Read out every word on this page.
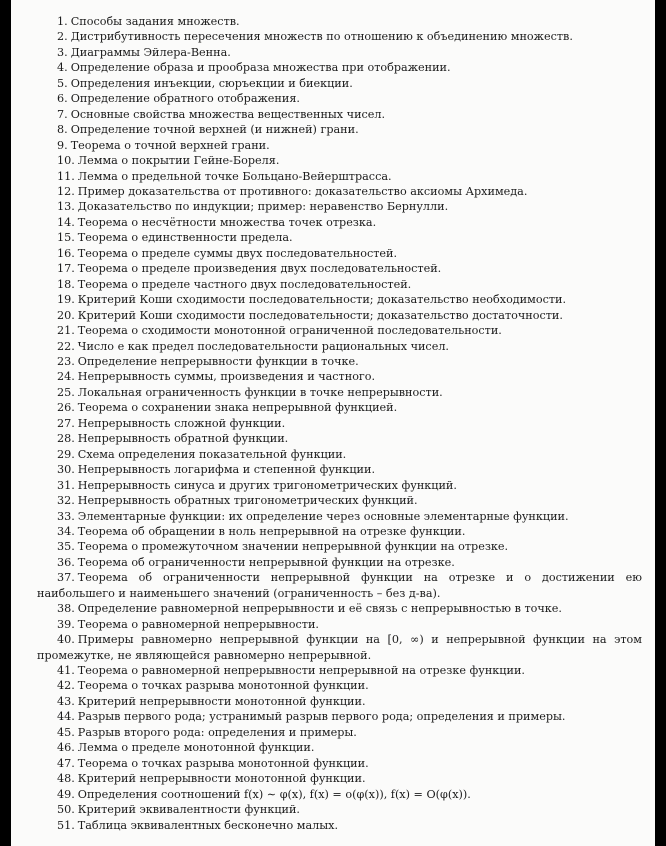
1. Способы задания множеств.

2. Дистрибутивность пересечения множеств по отношению к объединению множеств.

3. Диаграммы Эйлера-Венна.

4. Определение образа и прообраза множества при отображении.

5. Определения инъекции, сюръекции и биекции.

6. Определение обратного отображения.

7. Основные свойства множества вещественных чисел.

8. Определение точной верхней (и нижней) грани.

9. Теорема о точной верхней грани.

10. Лемма о покрытии Гейне-Бореля.

11. Лемма о предельной точке Больцано-Вейерштрасса.

12. Пример доказательства от противного: доказательство аксиомы Архимеда.

13. Доказательство по индукции; пример: неравенство Бернулли.

14. Теорема о несчётности множества точек отрезка.

15. Теорема о единственности предела.

16. Теорема о пределе суммы двух последовательностей.

17. Теорема о пределе произведения двух последовательностей.

18. Теорема о пределе частного двух последовательностей.

19. Критерий Коши сходимости последовательности; доказательство необходимости.

20. Критерий Коши сходимости последовательности; доказательство достаточности.

21. Теорема о сходимости монотонной ограниченной последовательности.

22. Число e как предел последовательности рациональных чисел.

23. Определение непрерывности функции в точке.

24. Непрерывность суммы, произведения и частного.

25. Локальная ограниченность функции в точке непрерывности.

26. Теорема о сохранении знака непрерывной функцией.

27. Непрерывность сложной функции.

28. Непрерывность обратной функции.

29. Схема определения показательной функции.

30. Непрерывность логарифма и степенной функции.

31. Непрерывность синуса и других тригонометрических функций.

32. Непрерывность обратных тригонометрических функций.

33. Элементарные функции: их определение через основные элементарные функции.

34. Теорема об обращении в ноль непрерывной на отрезке функции.

35. Теорема о промежуточном значении непрерывной функции на отрезке.

36. Теорема об ограниченности непрерывной функции на отрезке.

37. Теорема об ограниченности непрерывной функции на отрезке и о достижении ею наибольшего и наименьшего значений (ограниченность – без д-ва).

38. Определение равномерной непрерывности и её связь с непрерывностью в точке.

39. Теорема о равномерной непрерывности.

40. Примеры равномерно непрерывной функции на [0, ∞) и непрерывной функции на этом промежутке, не являющейся равномерно непрерывной.

41. Теорема о равномерной непрерывности непрерывной на отрезке функции.

42. Теорема о точках разрыва монотонной функции.

43. Критерий непрерывности монотонной функции.

44. Разрыв первого рода; устранимый разрыв первого рода; определения и примеры.

45. Разрыв второго рода: определения и примеры.

46. Лемма о пределе монотонной функции.

47. Теорема о точках разрыва монотонной функции.

48. Критерий непрерывности монотонной функции.

49. Определения соотношений f(x) ∼ φ(x), f(x) = o(φ(x)), f(x) = O(φ(x)).

50. Критерий эквивалентности функций.

51. Таблица эквивалентных бесконечно малых.
